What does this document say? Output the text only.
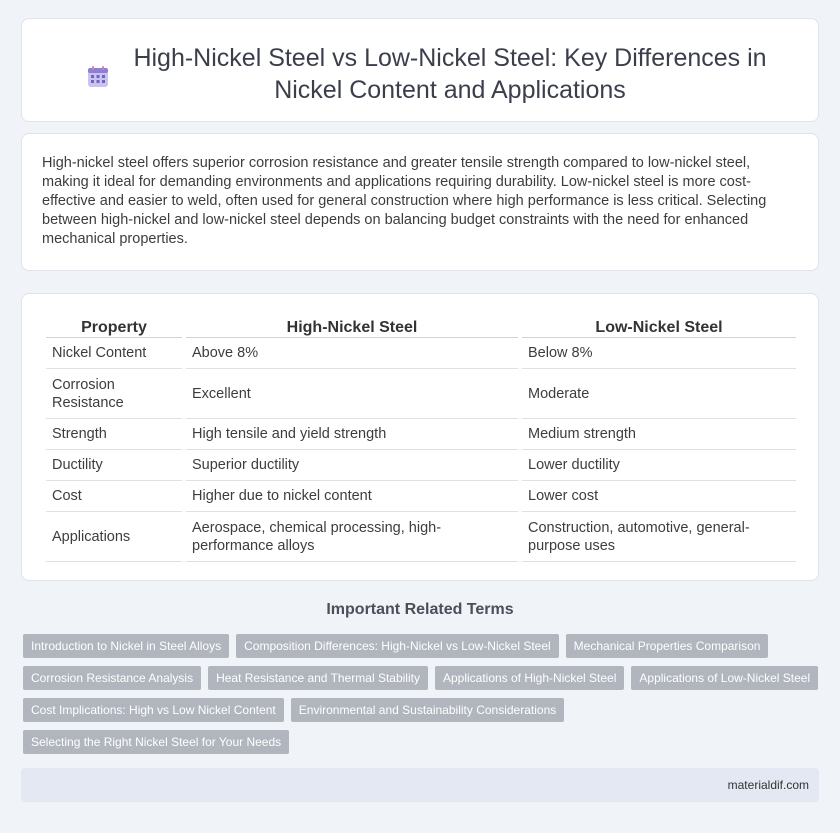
High-Nickel Steel vs Low-Nickel Steel: Key Differences in Nickel Content and Applications

High-nickel steel offers superior corrosion resistance and greater tensile strength compared to low-nickel steel, making it ideal for demanding environments and applications requiring durability. Low-nickel steel is more cost-effective and easier to weld, often used for general construction where high performance is less critical. Selecting between high-nickel and low-nickel steel depends on balancing budget constraints with the need for enhanced mechanical properties.

Property	High-Nickel Steel	Low-Nickel Steel
Nickel Content	Above 8%	Below 8%
Corrosion Resistance	Excellent	Moderate
Strength	High tensile and yield strength	Medium strength
Ductility	Superior ductility	Lower ductility
Cost	Higher due to nickel content	Lower cost
Applications	Aerospace, chemical processing, high-performance alloys	Construction, automotive, general-purpose uses
Important Related Terms
Introduction to Nickel in Steel Alloys	Composition Differences: High-Nickel vs Low-Nickel Steel	Mechanical Properties Comparison
Corrosion Resistance Analysis	Heat Resistance and Thermal Stability	Applications of High-Nickel Steel	Applications of Low-Nickel Steel
Cost Implications: High vs Low Nickel Content	Environmental and Sustainability Considerations
Selecting the Right Nickel Steel for Your Needs
materialdif.com
